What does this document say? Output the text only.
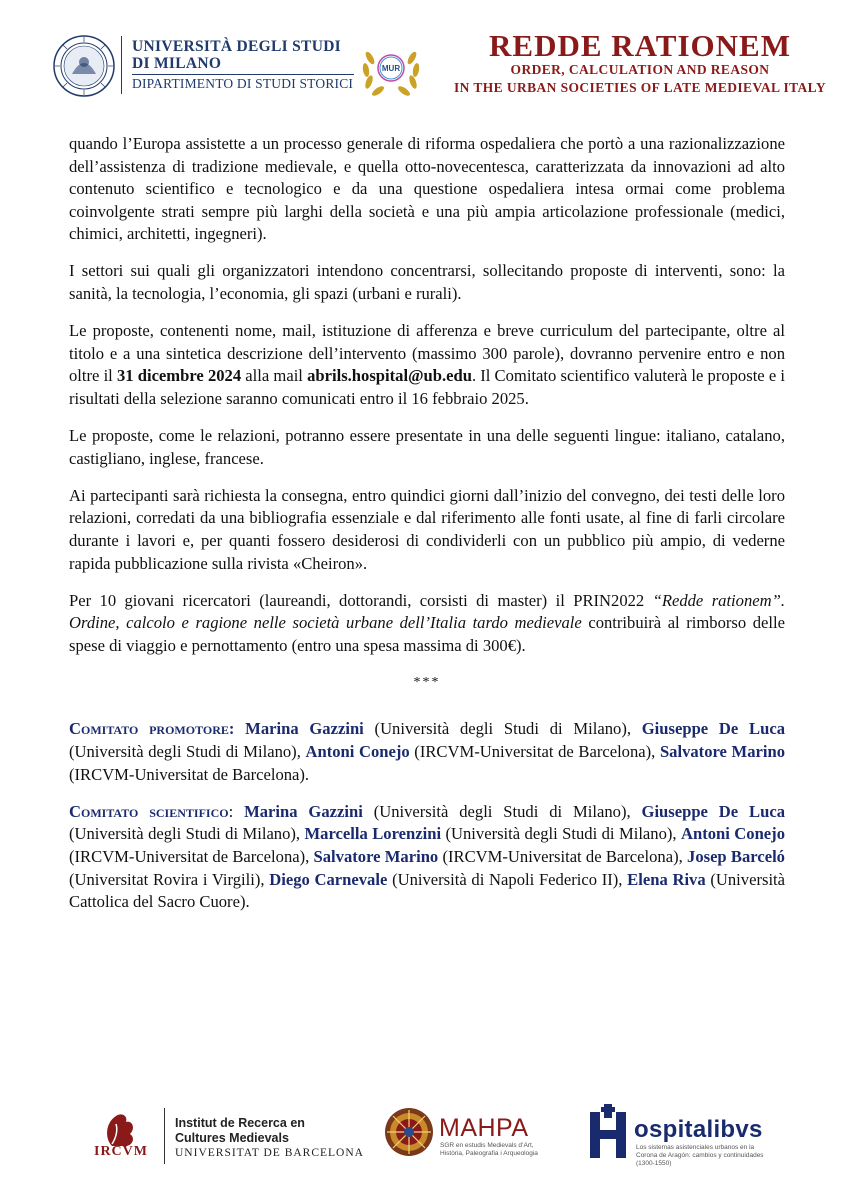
UNIVERSITÀ DEGLI STUDI
DI MILANO
DIPARTIMENTO DI STUDI STORICI
MUR
REDDE RATIONEM
ORDER, CALCULATION AND REASON
IN THE URBAN SOCIETIES OF LATE MEDIEVAL ITALY

quando l’Europa assistette a un processo generale di riforma ospedaliera che portò a una razionalizzazione dell’assistenza di tradizione medievale, e quella otto-novecentesca, caratterizzata da innovazioni ad alto contenuto scientifico e tecnologico e da una questione ospedaliera intesa ormai come problema coinvolgente strati sempre più larghi della società e una più ampia articolazione professionale (medici, chimici, architetti, ingegneri).

I settori sui quali gli organizzatori intendono concentrarsi, sollecitando proposte di interventi, sono: la sanità, la tecnologia, l’economia, gli spazi (urbani e rurali).

Le proposte, contenenti nome, mail, istituzione di afferenza e breve curriculum del partecipante, oltre al titolo e a una sintetica descrizione dell’intervento (massimo 300 parole), dovranno pervenire entro e non oltre il 31 dicembre 2024 alla mail abrils.hospital@ub.edu. Il Comitato scientifico valuterà le proposte e i risultati della selezione saranno comunicati entro il 16 febbraio 2025.

Le proposte, come le relazioni, potranno essere presentate in una delle seguenti lingue: italiano, catalano, castigliano, inglese, francese.

Ai partecipanti sarà richiesta la consegna, entro quindici giorni dall’inizio del convegno, dei testi delle loro relazioni, corredati da una bibliografia essenziale e dal riferimento alle fonti usate, al fine di farli circolare durante i lavori e, per quanti fossero desiderosi di condividerli con un pubblico più ampio, di vederne rapida pubblicazione sulla rivista «Cheiron».

Per 10 giovani ricercatori (laureandi, dottorandi, corsisti di master) il PRIN2022 “Redde rationem”. Ordine, calcolo e ragione nelle società urbane dell’Italia tardo medievale contribuirà al rimborso delle spese di viaggio e pernottamento (entro una spesa massima di 300€).

***

Comitato promotore: Marina Gazzini (Università degli Studi di Milano), Giuseppe De Luca (Università degli Studi di Milano), Antoni Conejo (IRCVM-Universitat de Barcelona), Salvatore Marino (IRCVM-Universitat de Barcelona).

Comitato scientifico: Marina Gazzini (Università degli Studi di Milano), Giuseppe De Luca (Università degli Studi di Milano), Marcella Lorenzini (Università degli Studi di Milano), Antoni Conejo (IRCVM-Universitat de Barcelona), Salvatore Marino (IRCVM-Universitat de Barcelona), Josep Barceló (Universitat Rovira i Virgili), Diego Carnevale (Università di Napoli Federico II), Elena Riva (Università Cattolica del Sacro Cuore).

IRCVM
Institut de Recerca en
Cultures Medievals
UNIVERSITAT DE BARCELONA
MAHPA
SGR en estudis Medievals d’Art, Història, Paleografia i Arqueologia
ospitalibvs
Los sistemas asistenciales urbanos en la Corona de Aragón: cambios y continuidades (1300-1550)
